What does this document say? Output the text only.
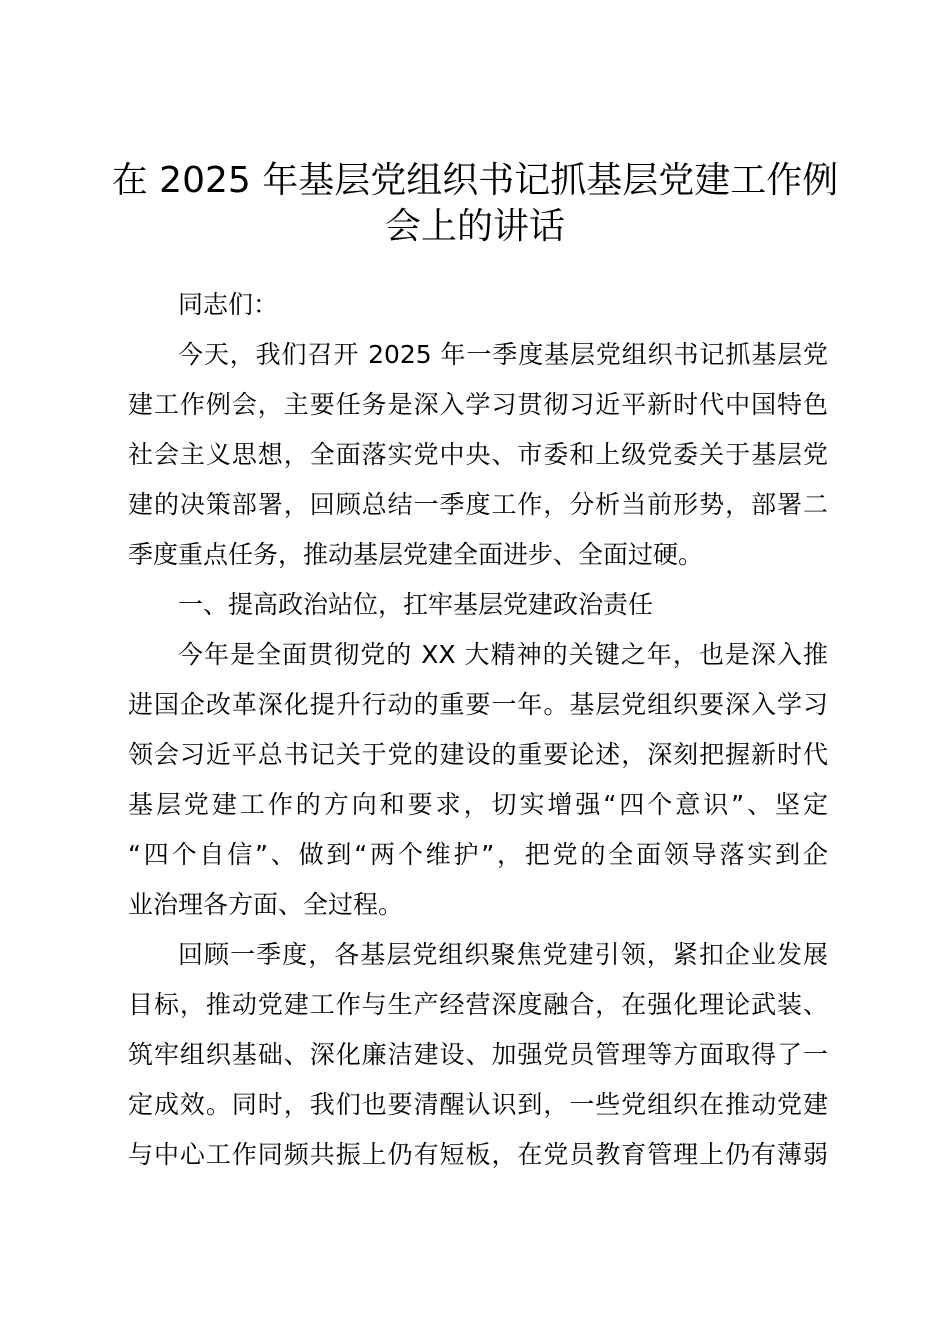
在 2025 年基层党组织书记抓基层党建工作例
会上的讲话
同志们：
今天，我们召开 2025 年一季度基层党组织书记抓基层党
建工作例会，主要任务是深入学习贯彻习近平新时代中国特色
社会主义思想，全面落实党中央、市委和上级党委关于基层党
建的决策部署，回顾总结一季度工作，分析当前形势，部署二
季度重点任务，推动基层党建全面进步、全面过硬。
一、提高政治站位，扛牢基层党建政治责任
今年是全面贯彻党的 XX 大精神的关键之年，也是深入推
进国企改革深化提升行动的重要一年。基层党组织要深入学习
领会习近平总书记关于党的建设的重要论述，深刻把握新时代
基层党建工作的方向和要求，切实增强“四个意识”、坚定
“四个自信”、做到“两个维护”，把党的全面领导落实到企
业治理各方面、全过程。
回顾一季度，各基层党组织聚焦党建引领，紧扣企业发展
目标，推动党建工作与生产经营深度融合，在强化理论武装、
筑牢组织基础、深化廉洁建设、加强党员管理等方面取得了一
定成效。同时，我们也要清醒认识到，一些党组织在推动党建
与中心工作同频共振上仍有短板，在党员教育管理上仍有薄弱
